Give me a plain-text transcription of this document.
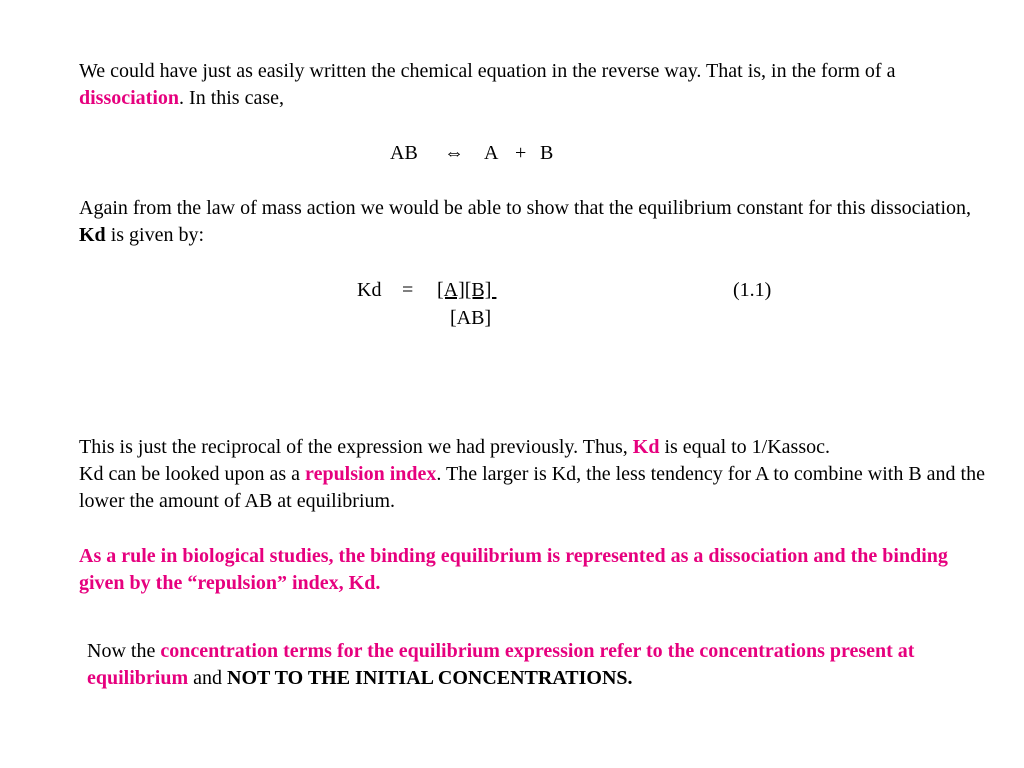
We could have just as easily written the chemical equation in the reverse way. That is, in the form of a dissociation. In this case,

AB ⇔ A + B

Again from the law of mass action we would be able to show that the equilibrium constant for this dissociation, Kd is given by:

Kd = [A][B]
[AB]
(1.1)

This is just the reciprocal of the expression we had previously. Thus, Kd is equal to 1/Kassoc.
Kd can be looked upon as a repulsion index. The larger is Kd, the less tendency for A to combine with B and the lower the amount of AB at equilibrium.

As a rule in biological studies, the binding equilibrium is represented as a dissociation and the binding given by the “repulsion” index, Kd.

Now the concentration terms for the equilibrium expression refer to the concentrations present at equilibrium and NOT TO THE INITIAL CONCENTRATIONS.
